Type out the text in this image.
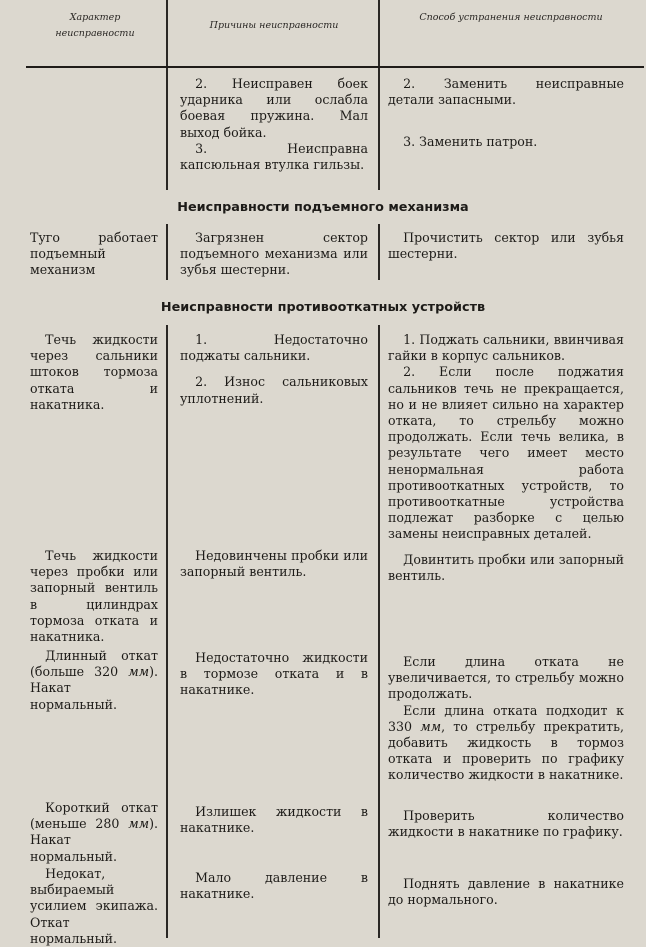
Характер неисправности
Причины неисправности
Способ устранения неисправности

2. Неисправен боек ударника или ослабла боевая пружина. Мал выход бойка.

3. Неисправна капсюльная втулка гильзы.

2. Заменить неисправные детали запасными.

3. Заменить патрон.

Неисправности подъемного механизма
Туго работает подъемный механизм

Загрязнен сектор подъемного механизма или зубья шестерни.

Прочистить сектор или зубья шестерни.

Неисправности противооткатных устройств

Течь жидкости через сальники штоков тормоза отката и накатника.

1. Недостаточно поджаты сальники.

2. Износ сальниковых уплотнений.

1. Поджать сальники, ввинчивая гайки в корпус сальников.

2. Если после поджатия сальников течь не прекращается, но и не влияет сильно на характер отката, то стрельбу можно продолжать. Если течь велика, в результате чего имеет место ненормальная работа противооткатных устройств, то противооткатные устройства подлежат разборке с целью замены неисправных деталей.

Течь жидкости через пробки или запорный вентиль в цилиндрах тормоза отката и накатника.

Недовинчены пробки или запорный вентиль.

Довинтить пробки или запорный вентиль.

Длинный откат (больше 320 мм). Накат нормальный.

Недостаточно жидкости в тормозе отката и в накатнике.

Если длина отката не увеличивается, то стрельбу можно продолжать.

Если длина отката подходит к 330 мм, то стрельбу прекратить, добавить жидкость в тормоз отката и проверить по графику количество жидкости в накатнике.

Короткий откат (меньше 280 мм). Накат нормальный.

Излишек жидкости в накатнике.

Проверить количество жидкости в накатнике по графику.

Недокат, выбираемый усилием экипажа. Откат нормальный.

Мало давление в накатнике.

Поднять давление в накатнике до нормального.
